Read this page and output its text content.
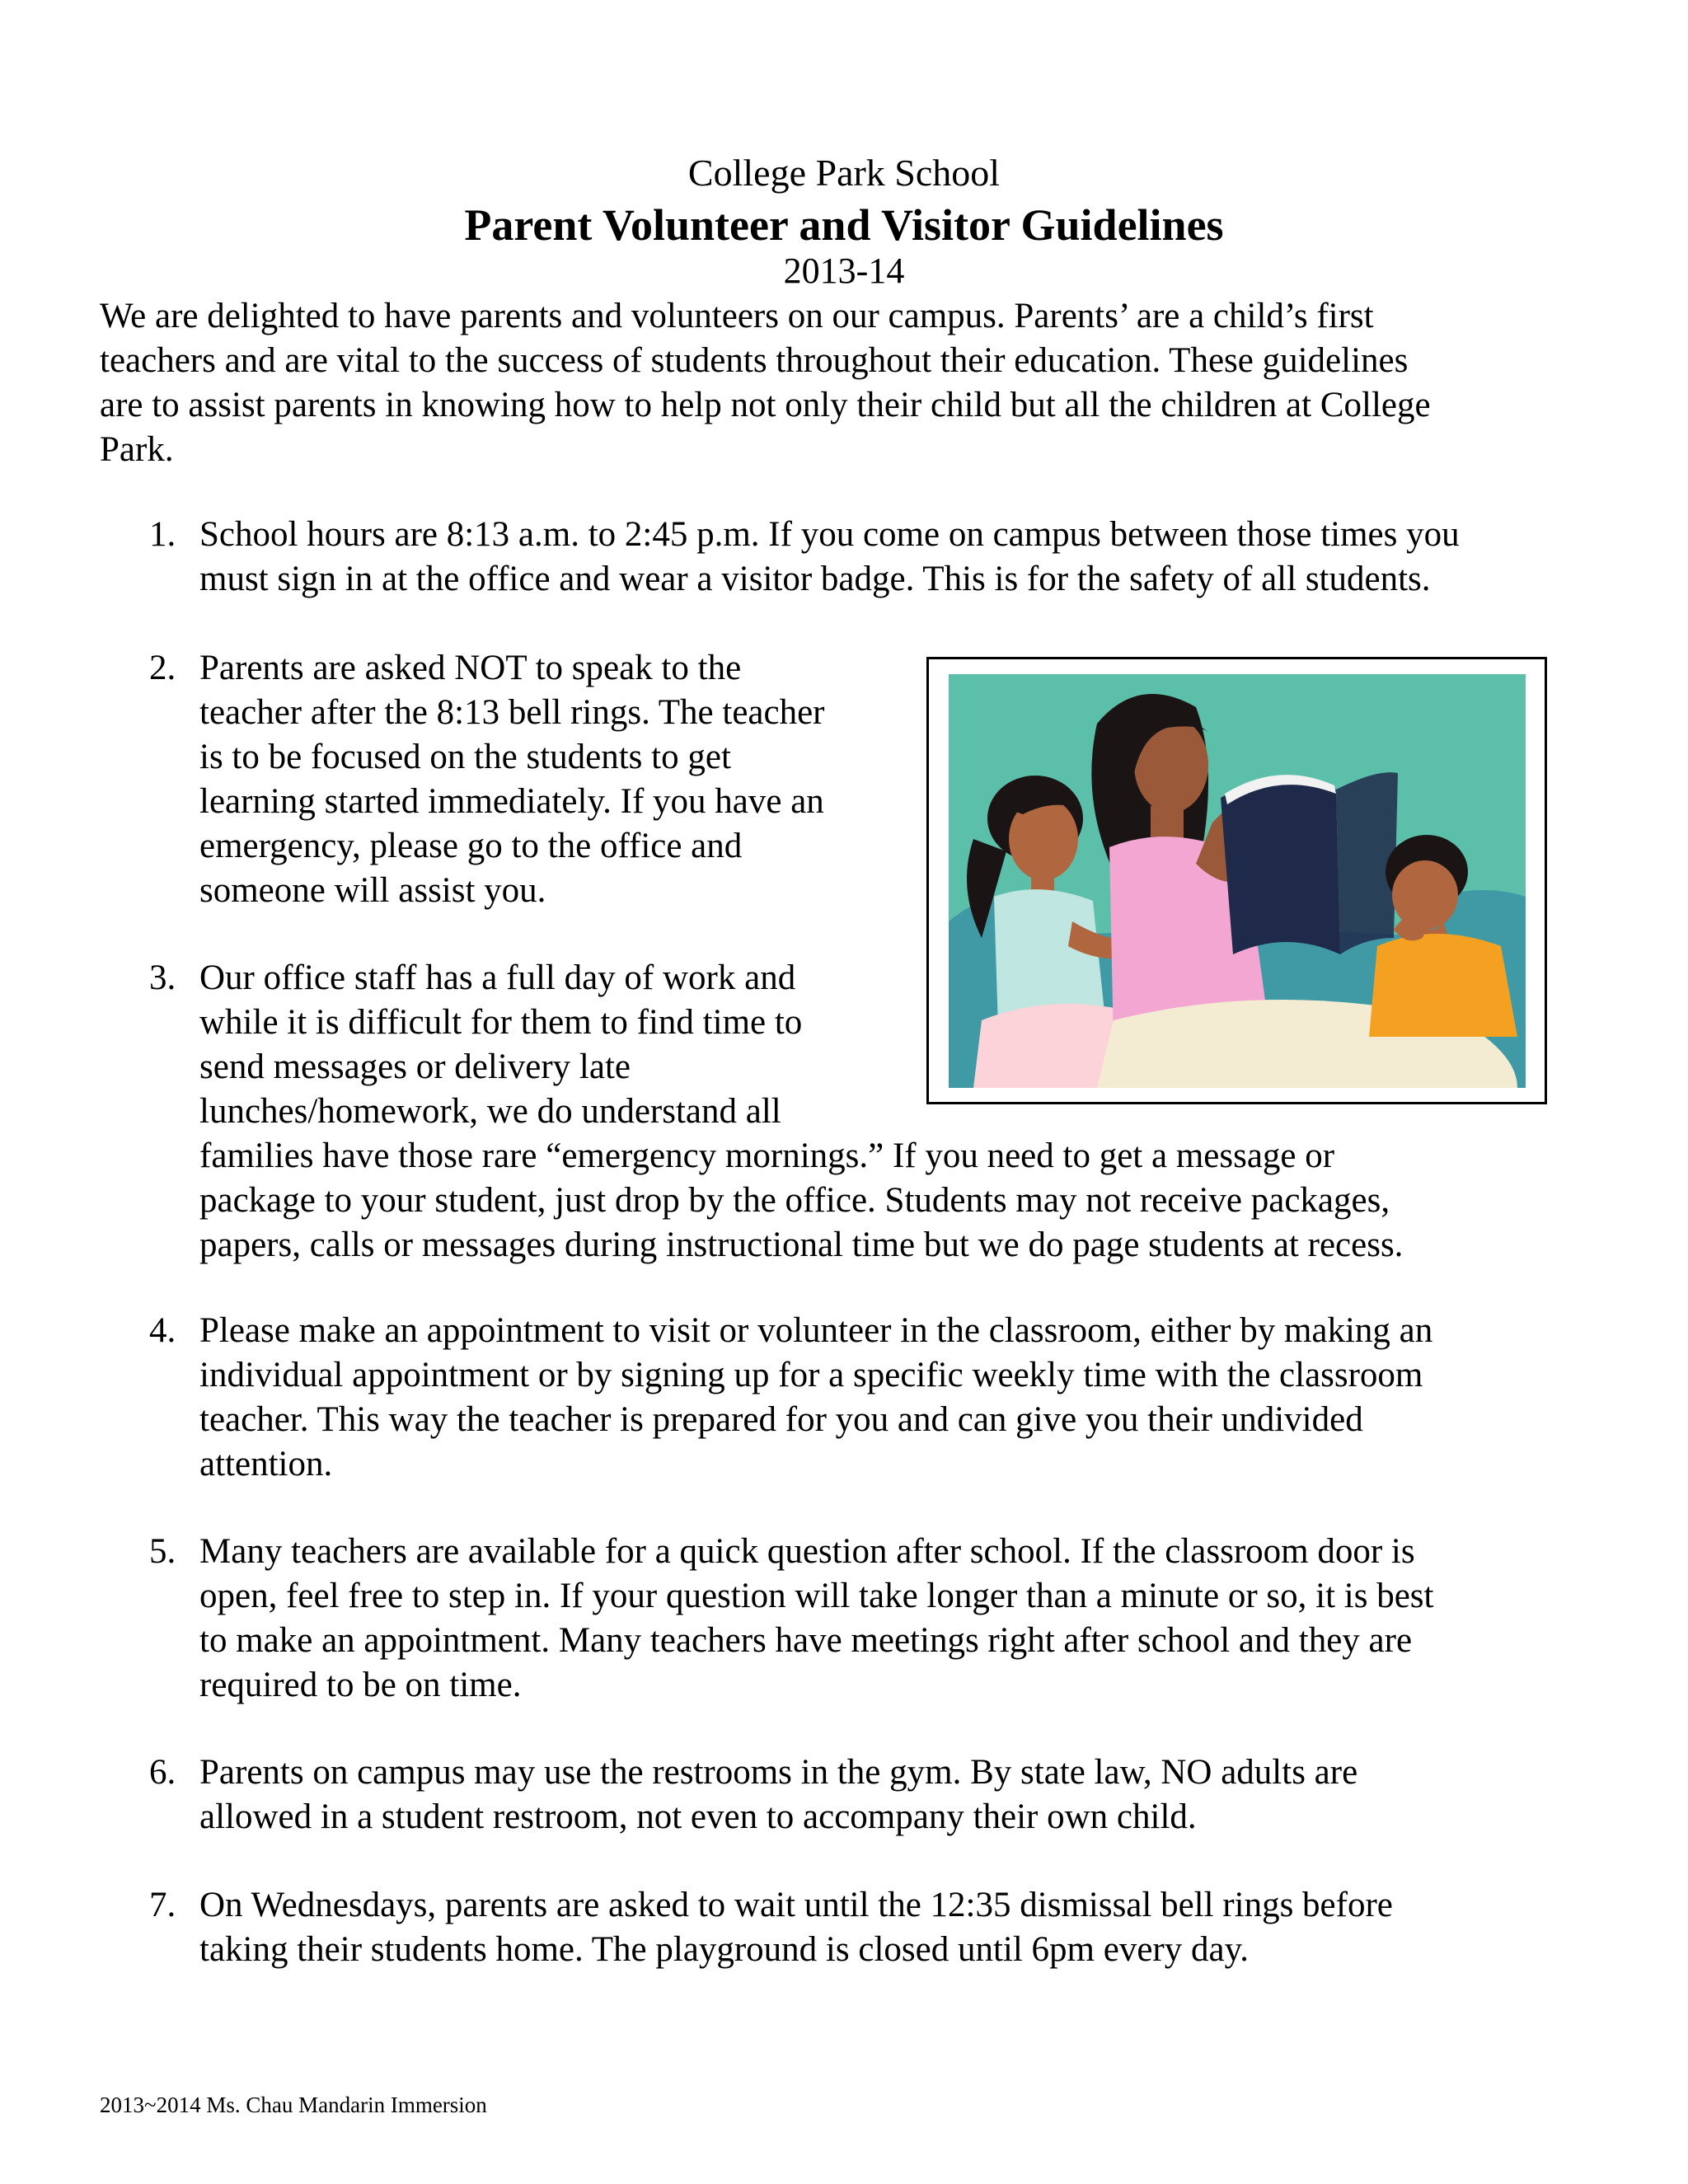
College Park School
Parent Volunteer and Visitor Guidelines
2013-14

We are delighted to have parents and volunteers on our campus. Parents’ are a child’s first
teachers and are vital to the success of students throughout their education. These guidelines
are to assist parents in knowing how to help not only their child but all the children at College
Park.

1. School hours are 8:13 a.m. to 2:45 p.m. If you come on campus between those times you
must sign in at the office and wear a visitor badge. This is for the safety of all students.
2. Parents are asked NOT to speak to the
teacher after the 8:13 bell rings. The teacher
is to be focused on the students to get
learning started immediately. If you have an
emergency, please go to the office and
someone will assist you.
3. Our office staff has a full day of work and
while it is difficult for them to find time to
send messages or delivery late
lunches/homework, we do understand all
families have those rare “emergency mornings.” If you need to get a message or
package to your student, just drop by the office. Students may not receive packages,
papers, calls or messages during instructional time but we do page students at recess.
4. Please make an appointment to visit or volunteer in the classroom, either by making an
individual appointment or by signing up for a specific weekly time with the classroom
teacher. This way the teacher is prepared for you and can give you their undivided
attention.
5. Many teachers are available for a quick question after school. If the classroom door is
open, feel free to step in. If your question will take longer than a minute or so, it is best
to make an appointment. Many teachers have meetings right after school and they are
required to be on time.
6. Parents on campus may use the restrooms in the gym. By state law, NO adults are
allowed in a student restroom, not even to accompany their own child.
7. On Wednesdays, parents are asked to wait until the 12:35 dismissal bell rings before
taking their students home. The playground is closed until 6pm every day.
2013~2014 Ms. Chau Mandarin Immersion
